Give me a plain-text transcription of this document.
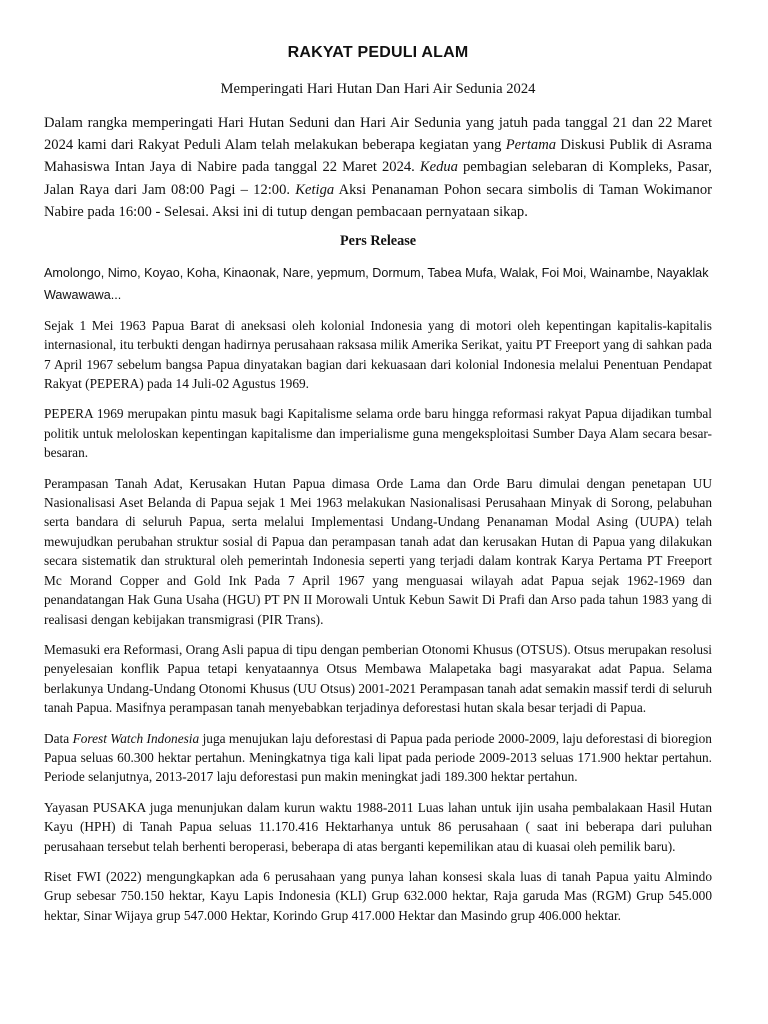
RAKYAT PEDULI ALAM
Memperingati Hari Hutan Dan Hari Air Sedunia 2024

Dalam rangka memperingati Hari Hutan Seduni dan Hari Air Sedunia yang jatuh pada tanggal 21 dan 22 Maret 2024 kami dari Rakyat Peduli Alam telah melakukan beberapa kegiatan yang Pertama Diskusi Publik di Asrama Mahasiswa Intan Jaya di Nabire pada tanggal 22 Maret 2024. Kedua pembagian selebaran di Kompleks, Pasar, Jalan Raya dari Jam 08:00 Pagi – 12:00. Ketiga Aksi Penanaman Pohon secara simbolis di Taman Wokimanor Nabire pada 16:00 - Selesai. Aksi ini di tutup dengan pembacaan pernyataan sikap.

Pers Release

Amolongo, Nimo, Koyao, Koha, Kinaonak, Nare, yepmum, Dormum, Tabea Mufa, Walak, Foi Moi, Wainambe, Nayaklak Wawawawa...

Sejak 1 Mei 1963 Papua Barat di aneksasi oleh kolonial Indonesia yang di motori oleh kepentingan kapitalis-kapitalis internasional, itu terbukti dengan hadirnya perusahaan raksasa milik Amerika Serikat, yaitu PT Freeport yang di sahkan pada 7 April 1967 sebelum bangsa Papua dinyatakan bagian dari kekuasaan dari kolonial Indonesia melalui Penentuan Pendapat Rakyat (PEPERA) pada 14 Juli-02 Agustus 1969.

PEPERA 1969 merupakan pintu masuk bagi Kapitalisme selama orde baru hingga reformasi rakyat Papua dijadikan tumbal politik untuk meloloskan kepentingan kapitalisme dan imperialisme guna mengeksploitasi Sumber Daya Alam secara besar-besaran.

Perampasan Tanah Adat, Kerusakan Hutan Papua dimasa Orde Lama dan Orde Baru dimulai dengan penetapan UU Nasionalisasi Aset Belanda di Papua sejak 1 Mei 1963 melakukan Nasionalisasi Perusahaan Minyak di Sorong, pelabuhan serta bandara di seluruh Papua, serta melalui Implementasi Undang-Undang Penanaman Modal Asing (UUPA) telah mewujudkan perubahan struktur sosial di Papua dan perampasan tanah adat dan kerusakan Hutan di Papua yang dilakukan secara sistematik dan struktural oleh pemerintah Indonesia seperti yang terjadi dalam kontrak Karya Pertama PT Freeport Mc Morand Copper and Gold Ink Pada 7 April 1967 yang menguasai wilayah adat Papua sejak 1962-1969 dan penandatangan Hak Guna Usaha (HGU) PT PN II Morowali Untuk Kebun Sawit Di Prafi dan Arso pada tahun 1983 yang di realisasi dengan kebijakan transmigrasi (PIR Trans).

Memasuki era Reformasi, Orang Asli papua di tipu dengan pemberian Otonomi Khusus (OTSUS). Otsus merupakan resolusi penyelesaian konflik Papua tetapi kenyataannya Otsus Membawa Malapetaka bagi masyarakat adat Papua. Selama berlakunya Undang-Undang Otonomi Khusus (UU Otsus) 2001-2021 Perampasan tanah adat semakin massif terdi di seluruh tanah Papua. Masifnya perampasan tanah menyebabkan terjadinya deforestasi hutan skala besar terjadi di Papua.

Data Forest Watch Indonesia juga menujukan laju deforestasi di Papua pada periode 2000-2009, laju deforestasi di bioregion Papua seluas 60.300 hektar pertahun. Meningkatnya tiga kali lipat pada periode 2009-2013 seluas 171.900 hektar pertahun. Periode selanjutnya, 2013-2017 laju deforestasi pun makin meningkat jadi 189.300 hektar pertahun.

Yayasan PUSAKA juga menunjukan dalam kurun waktu 1988-2011 Luas lahan untuk ijin usaha pembalakaan Hasil Hutan Kayu (HPH) di Tanah Papua seluas 11.170.416 Hektarhanya untuk 86 perusahaan ( saat ini beberapa dari puluhan perusahaan tersebut telah berhenti beroperasi, beberapa di atas berganti kepemilikan atau di kuasai oleh pemilik baru).

Riset FWI (2022) mengungkapkan ada 6 perusahaan yang punya lahan konsesi skala luas di tanah Papua yaitu Almindo Grup sebesar 750.150 hektar, Kayu Lapis Indonesia (KLI) Grup 632.000 hektar, Raja garuda Mas (RGM) Grup 545.000 hektar, Sinar Wijaya grup 547.000 Hektar, Korindo Grup 417.000 Hektar dan Masindo grup 406.000 hektar.
